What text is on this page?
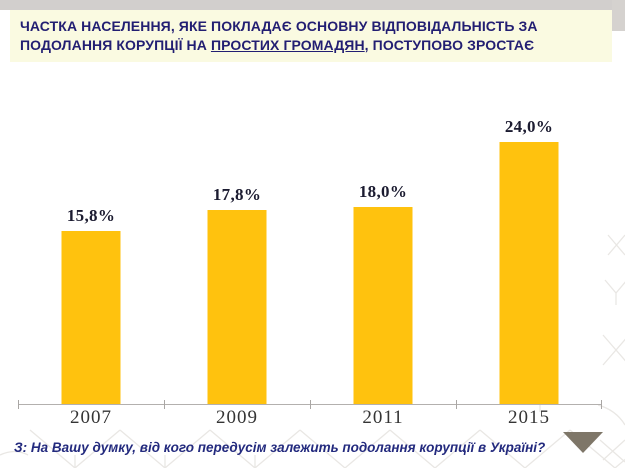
ЧАСТКА НАСЕЛЕННЯ, ЯКЕ ПОКЛАДАЄ ОСНОВНУ ВІДПОВІДАЛЬНІСТЬ ЗА ПОДОЛАННЯ КОРУПЦІЇ НА ПРОСТИХ ГРОМАДЯН, ПОСТУПОВО ЗРОСТАЄ
15,8%
17,8%	18,0%
24,0%
2007	2009	2011	2015
З: На Вашу думку, від кого передусім залежить подолання корупції в Україні?
